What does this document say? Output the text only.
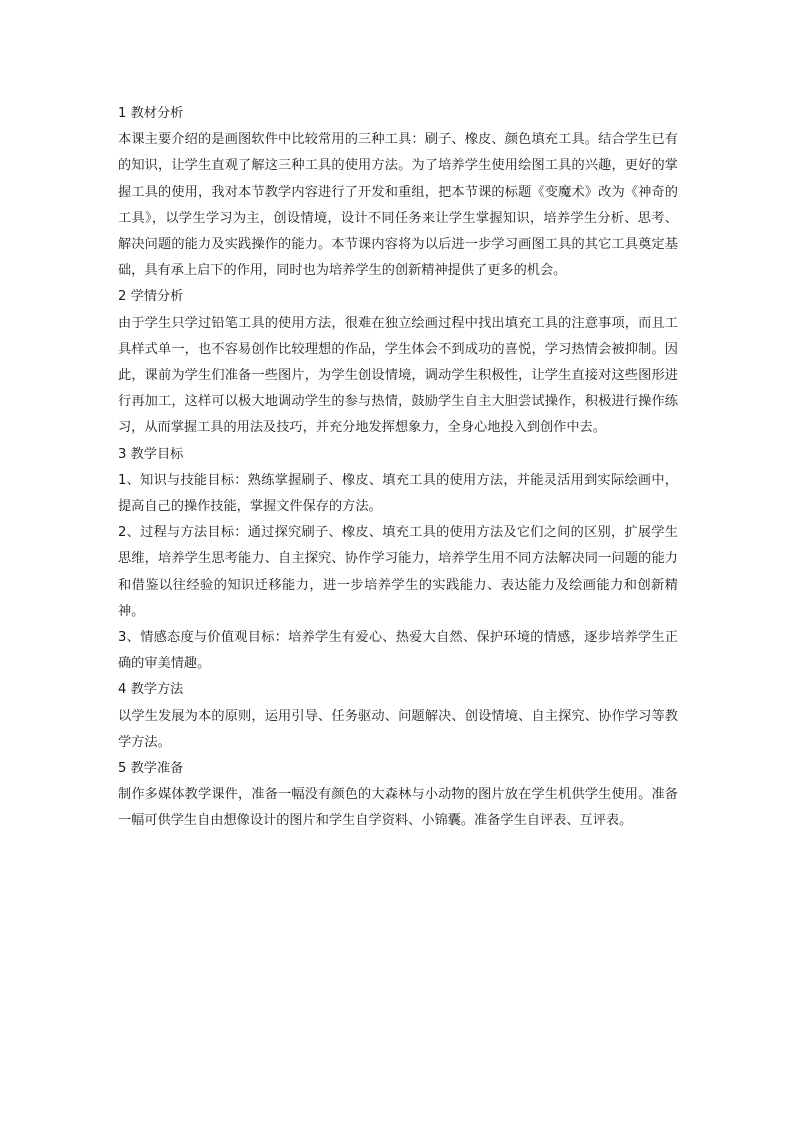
1 教材分析

本课主要介绍的是画图软件中比较常用的三种工具：刷子、橡皮、颜色填充工具。结合学生已有的知识，让学生直观了解这三种工具的使用方法。为了培养学生使用绘图工具的兴趣，更好的掌握工具的使用，我对本节教学内容进行了开发和重组，把本节课的标题《变魔术》改为《神奇的工具》，以学生学习为主，创设情境，设计不同任务来让学生掌握知识，培养学生分析、思考、解决问题的能力及实践操作的能力。本节课内容将为以后进一步学习画图工具的其它工具奠定基础，具有承上启下的作用，同时也为培养学生的创新精神提供了更多的机会。

2 学情分析

由于学生只学过铅笔工具的使用方法，很难在独立绘画过程中找出填充工具的注意事项，而且工具样式单一，也不容易创作比较理想的作品，学生体会不到成功的喜悦，学习热情会被抑制。因此，课前为学生们准备一些图片，为学生创设情境，调动学生积极性，让学生直接对这些图形进行再加工，这样可以极大地调动学生的参与热情，鼓励学生自主大胆尝试操作，积极进行操作练习，从而掌握工具的用法及技巧，并充分地发挥想象力，全身心地投入到创作中去。

3 教学目标

1、知识与技能目标：熟练掌握刷子、橡皮、填充工具的使用方法，并能灵活用到实际绘画中，提高自己的操作技能，掌握文件保存的方法。

2、过程与方法目标：通过探究刷子、橡皮、填充工具的使用方法及它们之间的区别，扩展学生思维，培养学生思考能力、自主探究、协作学习能力，培养学生用不同方法解决同一问题的能力和借鉴以往经验的知识迁移能力，进一步培养学生的实践能力、表达能力及绘画能力和创新精神。

3、情感态度与价值观目标：培养学生有爱心、热爱大自然、保护环境的情感，逐步培养学生正确的审美情趣。

4 教学方法

以学生发展为本的原则，运用引导、任务驱动、问题解决、创设情境、自主探究、协作学习等教学方法。

5 教学准备

制作多媒体教学课件，准备一幅没有颜色的大森林与小动物的图片放在学生机供学生使用。准备一幅可供学生自由想像设计的图片和学生自学资料、小锦囊。准备学生自评表、互评表。
